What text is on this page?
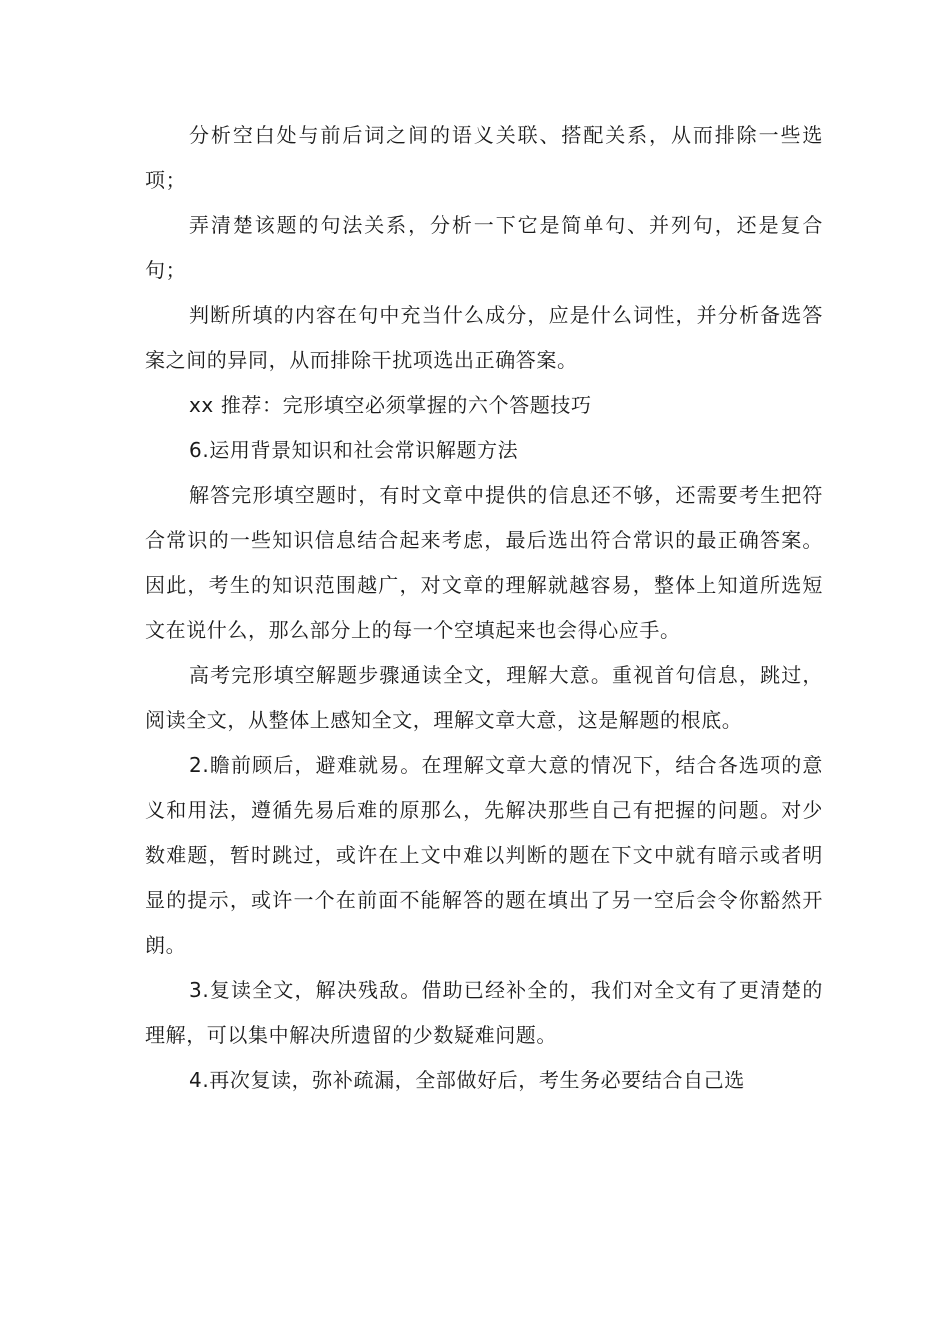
分析空白处与前后词之间的语义关联、搭配关系，从而排除一些选项；

弄清楚该题的句法关系，分析一下它是简单句、并列句，还是复合句；

判断所填的内容在句中充当什么成分，应是什么词性，并分析备选答案之间的异同，从而排除干扰项选出正确答案。

xx 推荐：完形填空必须掌握的六个答题技巧

6.运用背景知识和社会常识解题方法

解答完形填空题时，有时文章中提供的信息还不够，还需要考生把符合常识的一些知识信息结合起来考虑，最后选出符合常识的最正确答案。因此，考生的知识范围越广，对文章的理解就越容易，整体上知道所选短文在说什么，那么部分上的每一个空填起来也会得心应手。

高考完形填空解题步骤通读全文，理解大意。重视首句信息，跳过，阅读全文，从整体上感知全文，理解文章大意，这是解题的根底。

2.瞻前顾后，避难就易。在理解文章大意的情况下，结合各选项的意义和用法，遵循先易后难的原那么，先解决那些自己有把握的问题。对少数难题，暂时跳过，或许在上文中难以判断的题在下文中就有暗示或者明显的提示，或许一个在前面不能解答的题在填出了另一空后会令你豁然开朗。

3.复读全文，解决残敌。借助已经补全的，我们对全文有了更清楚的理解，可以集中解决所遗留的少数疑难问题。

4.再次复读，弥补疏漏，全部做好后，考生务必要结合自己选
